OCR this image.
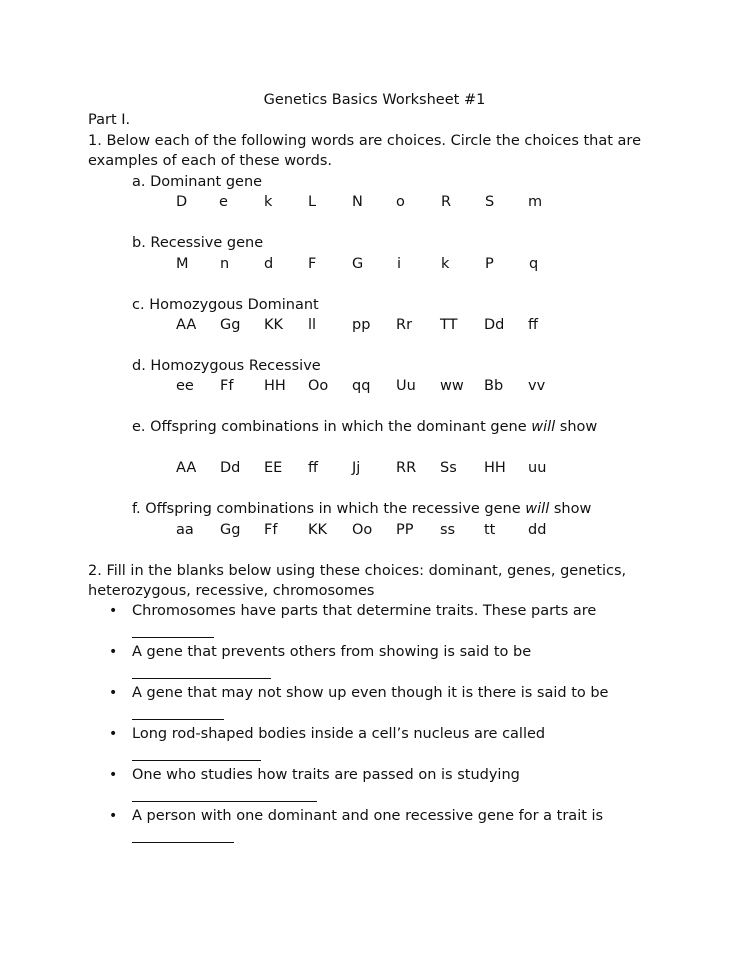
Genetics Basics Worksheet #1
Part I.
1. Below each of the following words are choices. Circle the choices that are
examples of each of these words.
a. Dominant gene
D e k L N o R S m
b. Recessive gene
M n d F G i	k P q
c. Homozygous Dominant
AA Gg KK ll pp Rr TT Dd ff
d. Homozygous Recessive
ee Ff HH Oo qq Uu ww Bb vv
e. Offspring combinations in which the dominant gene will show
AA Dd EE ff Jj RR Ss HH uu
f. Offspring combinations in which the recessive gene will show
aa Gg Ff KK Oo PP ss tt dd
2. Fill in the blanks below using these choices: dominant, genes, genetics,
heterozygous, recessive, chromosomes
• Chromosomes have parts that determine traits. These parts are
• A gene that prevents others from showing is said to be
• A gene that may not show up even though it is there is said to be
• Long rod-shaped bodies inside a cell’s nucleus are called
• One who studies how traits are passed on is studying
• A person with one dominant and one recessive gene for a trait is
